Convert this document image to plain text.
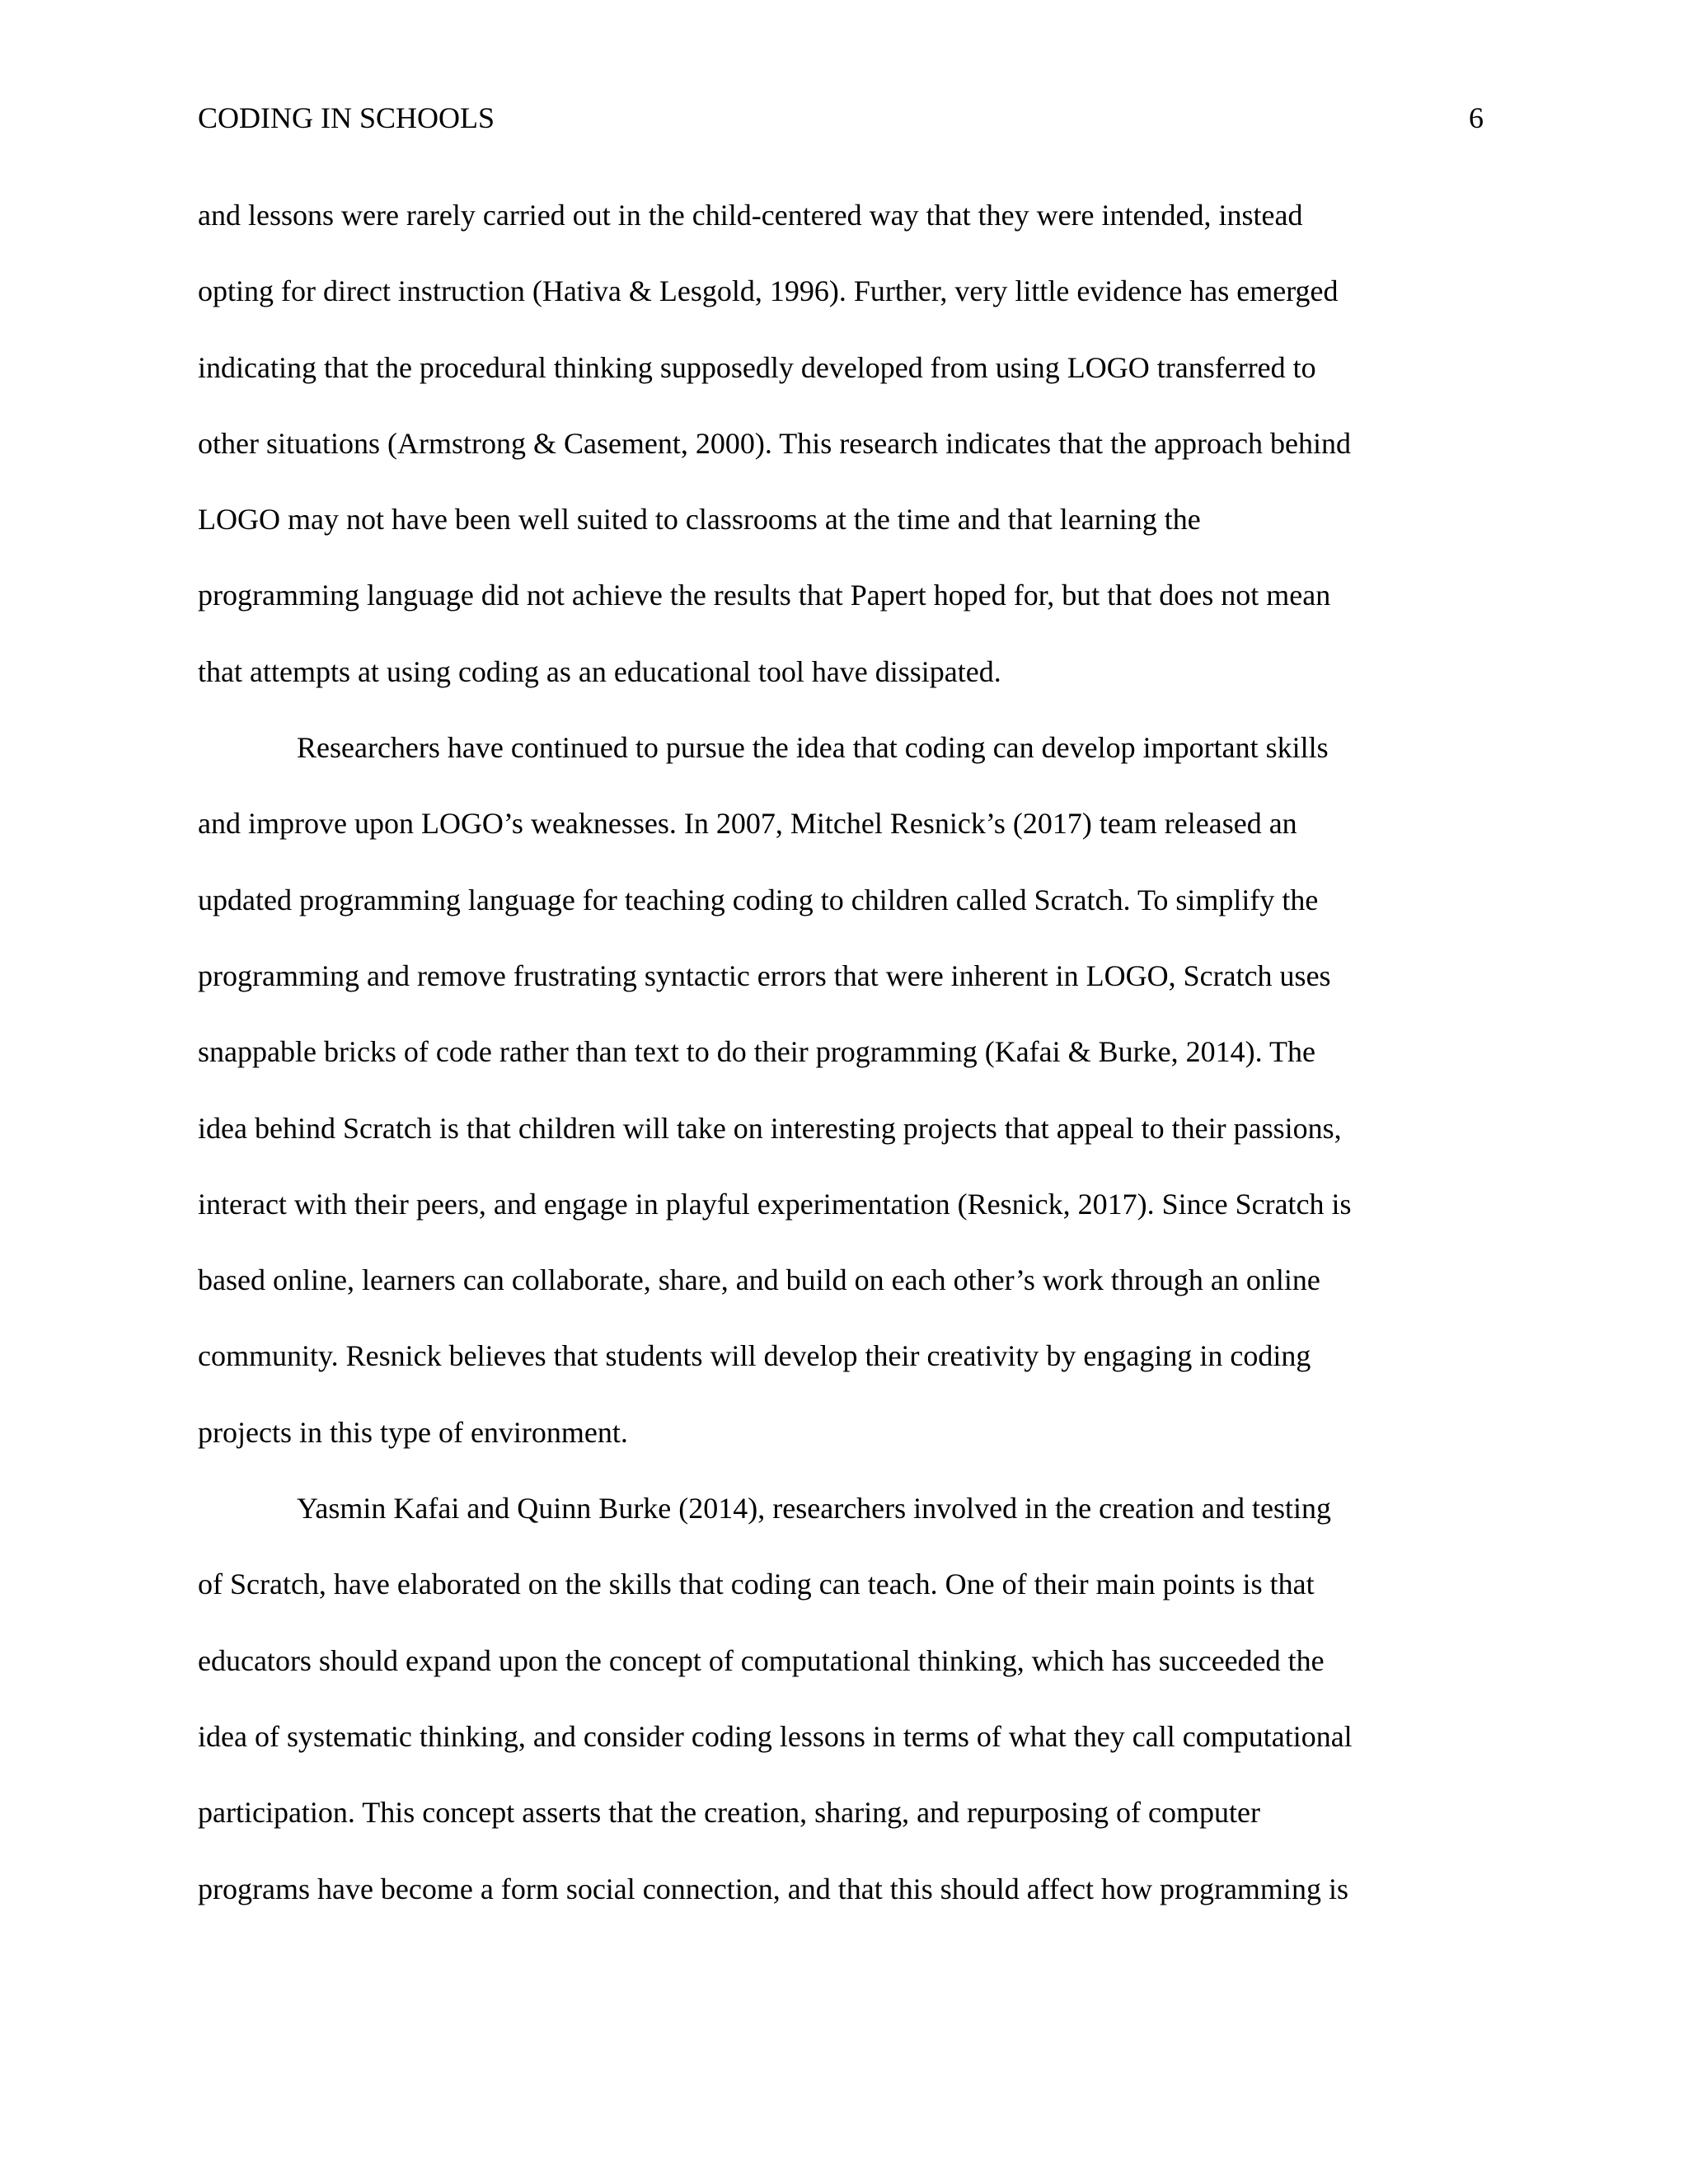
CODING IN SCHOOLS	6
and lessons were rarely carried out in the child-centered way that they were intended, instead
opting for direct instruction (Hativa & Lesgold, 1996). Further, very little evidence has emerged
indicating that the procedural thinking supposedly developed from using LOGO transferred to
other situations (Armstrong & Casement, 2000). This research indicates that the approach behind
LOGO may not have been well suited to classrooms at the time and that learning the
programming language did not achieve the results that Papert hoped for, but that does not mean
that attempts at using coding as an educational tool have dissipated.
Researchers have continued to pursue the idea that coding can develop important skills
and improve upon LOGO’s weaknesses. In 2007, Mitchel Resnick’s (2017) team released an
updated programming language for teaching coding to children called Scratch. To simplify the
programming and remove frustrating syntactic errors that were inherent in LOGO, Scratch uses
snappable bricks of code rather than text to do their programming (Kafai & Burke, 2014). The
idea behind Scratch is that children will take on interesting projects that appeal to their passions,
interact with their peers, and engage in playful experimentation (Resnick, 2017). Since Scratch is
based online, learners can collaborate, share, and build on each other’s work through an online
community. Resnick believes that students will develop their creativity by engaging in coding
projects in this type of environment.
Yasmin Kafai and Quinn Burke (2014), researchers involved in the creation and testing
of Scratch, have elaborated on the skills that coding can teach. One of their main points is that
educators should expand upon the concept of computational thinking, which has succeeded the
idea of systematic thinking, and consider coding lessons in terms of what they call computational
participation. This concept asserts that the creation, sharing, and repurposing of computer
programs have become a form social connection, and that this should affect how programming is
